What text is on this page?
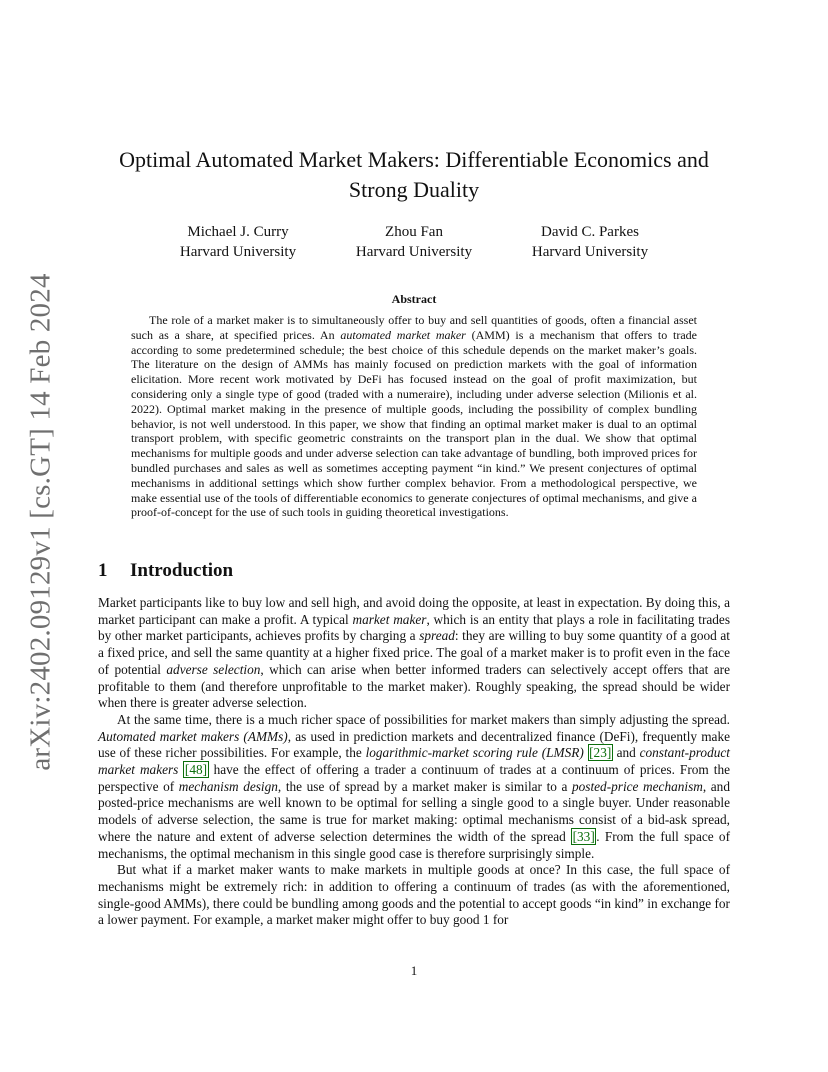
arXiv:2402.09129v1 [cs.GT] 14 Feb 2024
Optimal Automated Market Makers: Differentiable Economics and Strong Duality
Michael J. Curry
Harvard University
Zhou Fan
Harvard University
David C. Parkes
Harvard University
Abstract

The role of a market maker is to simultaneously offer to buy and sell quantities of goods, often a financial asset such as a share, at specified prices. An automated market maker (AMM) is a mechanism that offers to trade according to some predetermined schedule; the best choice of this schedule depends on the market maker’s goals. The literature on the design of AMMs has mainly focused on prediction markets with the goal of information elicitation. More recent work motivated by DeFi has focused instead on the goal of profit maximization, but considering only a single type of good (traded with a numeraire), including under adverse selection (Milionis et al. 2022). Optimal market making in the presence of multiple goods, including the possibility of complex bundling behavior, is not well understood. In this paper, we show that finding an optimal market maker is dual to an optimal transport problem, with specific geometric constraints on the transport plan in the dual. We show that optimal mechanisms for multiple goods and under adverse selection can take advantage of bundling, both improved prices for bundled purchases and sales as well as sometimes accepting payment “in kind.” We present conjectures of optimal mechanisms in additional settings which show further complex behavior. From a methodological perspective, we make essential use of the tools of differentiable economics to generate conjectures of optimal mechanisms, and give a proof-of-concept for the use of such tools in guiding theoretical investigations.

1 Introduction

Market participants like to buy low and sell high, and avoid doing the opposite, at least in expectation. By doing this, a market participant can make a profit. A typical market maker, which is an entity that plays a role in facilitating trades by other market participants, achieves profits by charging a spread: they are willing to buy some quantity of a good at a fixed price, and sell the same quantity at a higher fixed price. The goal of a market maker is to profit even in the face of potential adverse selection, which can arise when better informed traders can selectively accept offers that are profitable to them (and therefore unprofitable to the market maker). Roughly speaking, the spread should be wider when there is greater adverse selection.

At the same time, there is a much richer space of possibilities for market makers than simply adjusting the spread. Automated market makers (AMMs), as used in prediction markets and decentralized finance (DeFi), frequently make use of these richer possibilities. For example, the logarithmic-market scoring rule (LMSR) [23] and constant-product market makers [48] have the effect of offering a trader a continuum of trades at a continuum of prices. From the perspective of mechanism design, the use of spread by a market maker is similar to a posted-price mechanism, and posted-price mechanisms are well known to be optimal for selling a single good to a single buyer. Under reasonable models of adverse selection, the same is true for market making: optimal mechanisms consist of a bid-ask spread, where the nature and extent of adverse selection determines the width of the spread [33] . From the full space of mechanisms, the optimal mechanism in this single good case is therefore surprisingly simple.

But what if a market maker wants to make markets in multiple goods at once? In this case, the full space of mechanisms might be extremely rich: in addition to offering a continuum of trades (as with the aforementioned, single-good AMMs), there could be bundling among goods and the potential to accept goods “in kind” in exchange for a lower payment. For example, a market maker might offer to buy good 1 for

1
